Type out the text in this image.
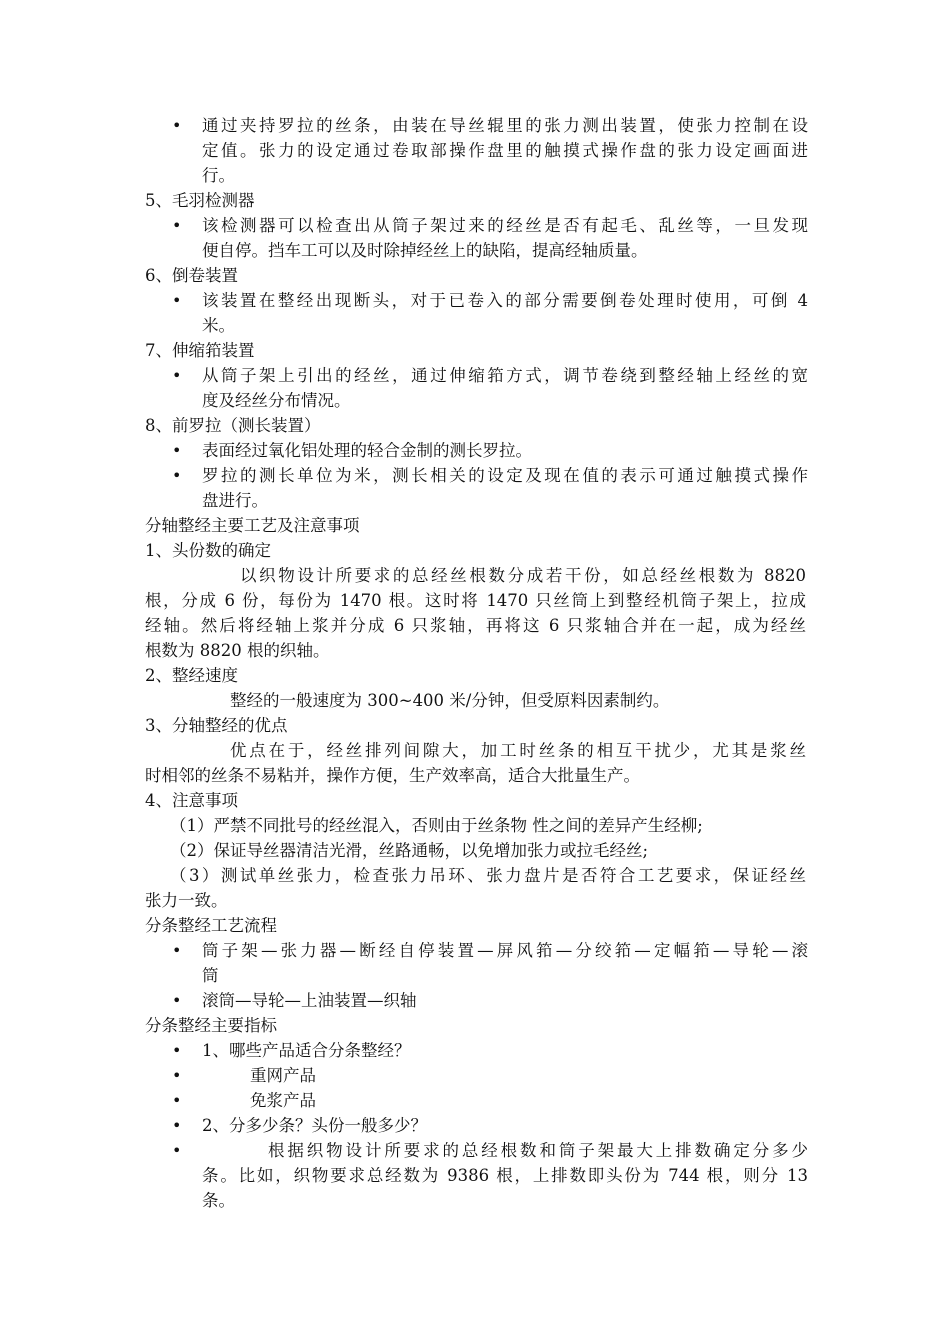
• 通过夹持罗拉的丝条，由装在导丝辊里的张力测出装置，使张力控制在设
定值。张力的设定通过卷取部操作盘里的触摸式操作盘的张力设定画面进
行。
5、毛羽检测器
• 该检测器可以检查出从筒子架过来的经丝是否有起毛、乱丝等，一旦发现
便自停。挡车工可以及时除掉经丝上的缺陷，提高经轴质量。
6、倒卷装置
• 该装置在整经出现断头，对于已卷入的部分需要倒卷处理时使用，可倒 4
米。
7、伸缩筘装置
• 从筒子架上引出的经丝，通过伸缩筘方式，调节卷绕到整经轴上经丝的宽
度及经丝分布情况。
8、前罗拉（测长装置）
• 表面经过氧化铝处理的轻合金制的测长罗拉。
• 罗拉的测长单位为米，测长相关的设定及现在值的表示可通过触摸式操作
盘进行。
分轴整经主要工艺及注意事项
1、头份数的确定
以织物设计所要求的总经丝根数分成若干份，如总经丝根数为 8820
根，分成 6 份，每份为 1470 根。这时将 1470 只丝筒上到整经机筒子架上，拉成
经轴。然后将经轴上浆并分成 6 只浆轴，再将这 6 只浆轴合并在一起，成为经丝
根数为 8820 根的织轴。
2、整经速度
整经的一般速度为 300~400 米/分钟，但受原料因素制约。
3、分轴整经的优点
优点在于，经丝排列间隙大，加工时丝条的相互干扰少，尤其是浆丝
时相邻的丝条不易粘并，操作方便，生产效率高，适合大批量生产。
4、注意事项
（1）严禁不同批号的经丝混入，否则由于丝条物 性之间的差异产生经柳;
（2）保证导丝器清洁光滑，丝路通畅，以免增加张力或拉毛经丝;
（3）测试单丝张力，检查张力吊环、张力盘片是否符合工艺要求，保证经丝
张力一致。
分条整经工艺流程
• 筒子架—张力器—断经自停装置—屏风筘—分绞筘—定幅筘—导轮—滚
筒
• 滚筒—导轮—上油装置—织轴
分条整经主要指标
• 1、哪些产品适合分条整经？
•	重网产品
•	免浆产品
• 2、分多少条？头份一般多少？
•	根据织物设计所要求的总经根数和筒子架最大上排数确定分多少
条。比如，织物要求总经数为 9386 根，上排数即头份为 744 根，则分 13
条。
